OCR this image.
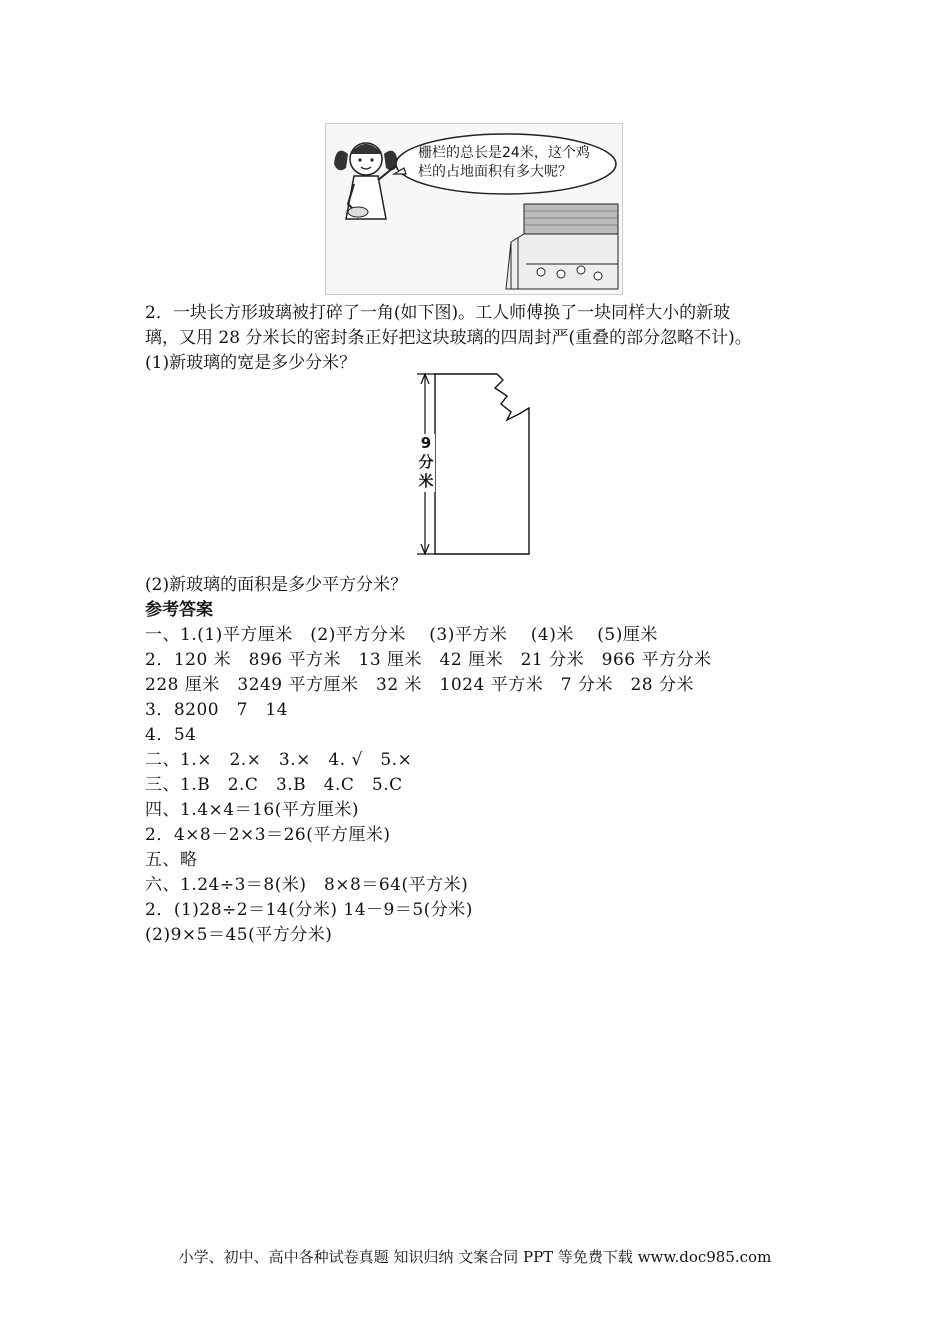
栅栏的总长是24米，这个鸡
栏的占地面积有多大呢？
2．一块长方形玻璃被打碎了一角(如下图)。工人师傅换了一块同样大小的新玻
璃，又用 28 分米长的密封条正好把这块玻璃的四周封严(重叠的部分忽略不计)。
(1)新玻璃的宽是多少分米？
9
分
米
(2)新玻璃的面积是多少平方分米？
参考答案
一、1.(1)平方厘米　(2)平方分米　 (3)平方米　 (4)米　 (5)厘米
2．120 米　896 平方米　13 厘米　42 厘米　21 分米　966 平方分米
228 厘米　3249 平方厘米　32 米　1024 平方米　7 分米　28 分米
3．8200　7　14
4．54
二、1.×　2.×　3.×　4. √　5.×
三、1.B　2.C　3.B　4.C　5.C
四、1.4×4＝16(平方厘米)
2．4×8－2×3＝26(平方厘米)
五、略
六、1.24÷3＝8(米)　8×8＝64(平方米)
2．(1)28÷2＝14(分米) 14－9＝5(分米)
(2)9×5＝45(平方分米)
小学、初中、高中各种试卷真题 知识归纳 文案合同 PPT 等免费下载 www.doc985.com
